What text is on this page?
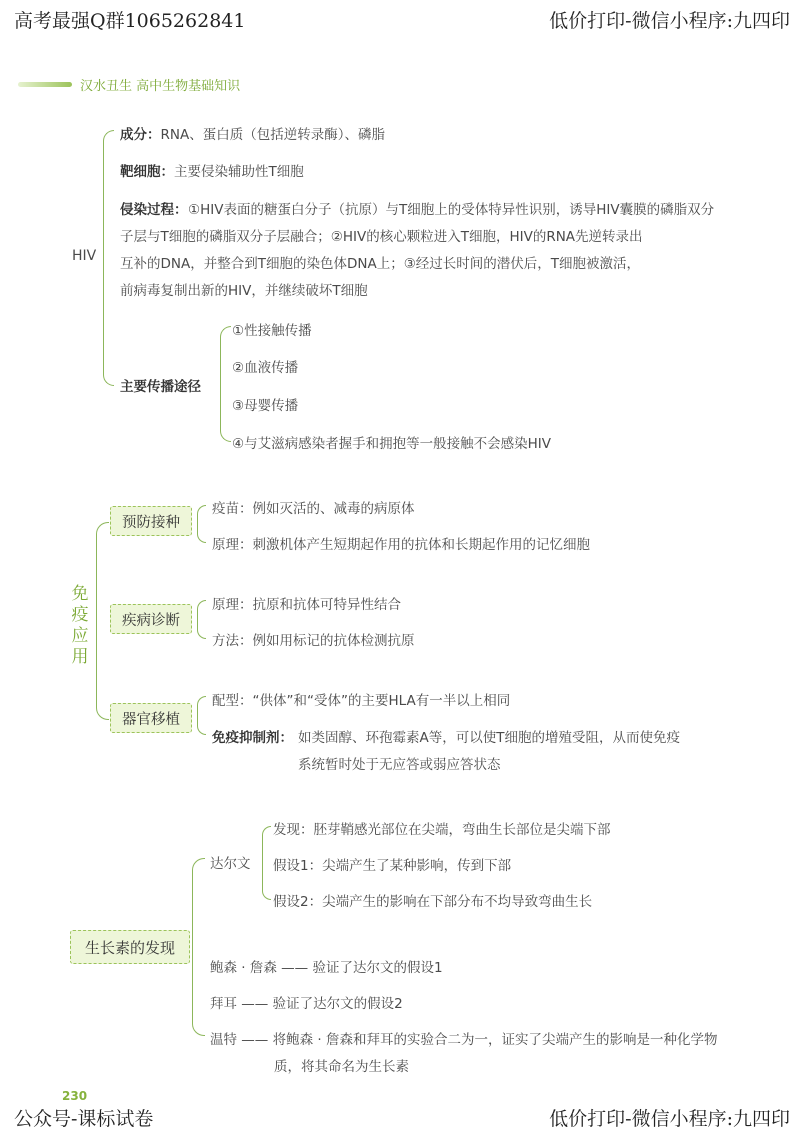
高考最强Q群1065262841	低价打印-微信小程序:九四印
汉水丑生 高中生物基础知识
HIV
成分：RNA、蛋白质（包括逆转录酶）、磷脂
靶细胞：主要侵染辅助性T细胞
侵染过程： ①HIV表面的糖蛋白分子（抗原）与T细胞上的受体特异性识别，诱导HIV囊膜的磷脂双分
子层与T细胞的磷脂双分子层融合；②HIV的核心颗粒进入T细胞，HIV的RNA先逆转录出
互补的DNA，并整合到T细胞的染色体DNA上；③经过长时间的潜伏后，T细胞被激活，
前病毒复制出新的HIV，并继续破坏T细胞
主要传播途径
①性接触传播
②血液传播
③母婴传播
④与艾滋病感染者握手和拥抱等一般接触不会感染HIV
免疫应用
预防接种
疫苗：例如灭活的、减毒的病原体
原理：刺激机体产生短期起作用的抗体和长期起作用的记忆细胞
疾病诊断
原理：抗原和抗体可特异性结合
方法：例如用标记的抗体检测抗原
器官移植
配型：“供体”和“受体”的主要HLA有一半以上相同
免疫抑制剂： 如类固醇、环孢霉素A等，可以使T细胞的增殖受阻，从而使免疫
系统暂时处于无应答或弱应答状态
生长素的发现
达尔文
发现：胚芽鞘感光部位在尖端，弯曲生长部位是尖端下部
假设1：尖端产生了某种影响，传到下部
假设2：尖端产生的影响在下部分布不均导致弯曲生长
鲍森 · 詹森 —— 验证了达尔文的假设1
拜耳 —— 验证了达尔文的假设2
温特 —— 将鲍森 · 詹森和拜耳的实验合二为一，证实了尖端产生的影响是一种化学物
质，将其命名为生长素
230
公众号-课标试卷	低价打印-微信小程序:九四印
